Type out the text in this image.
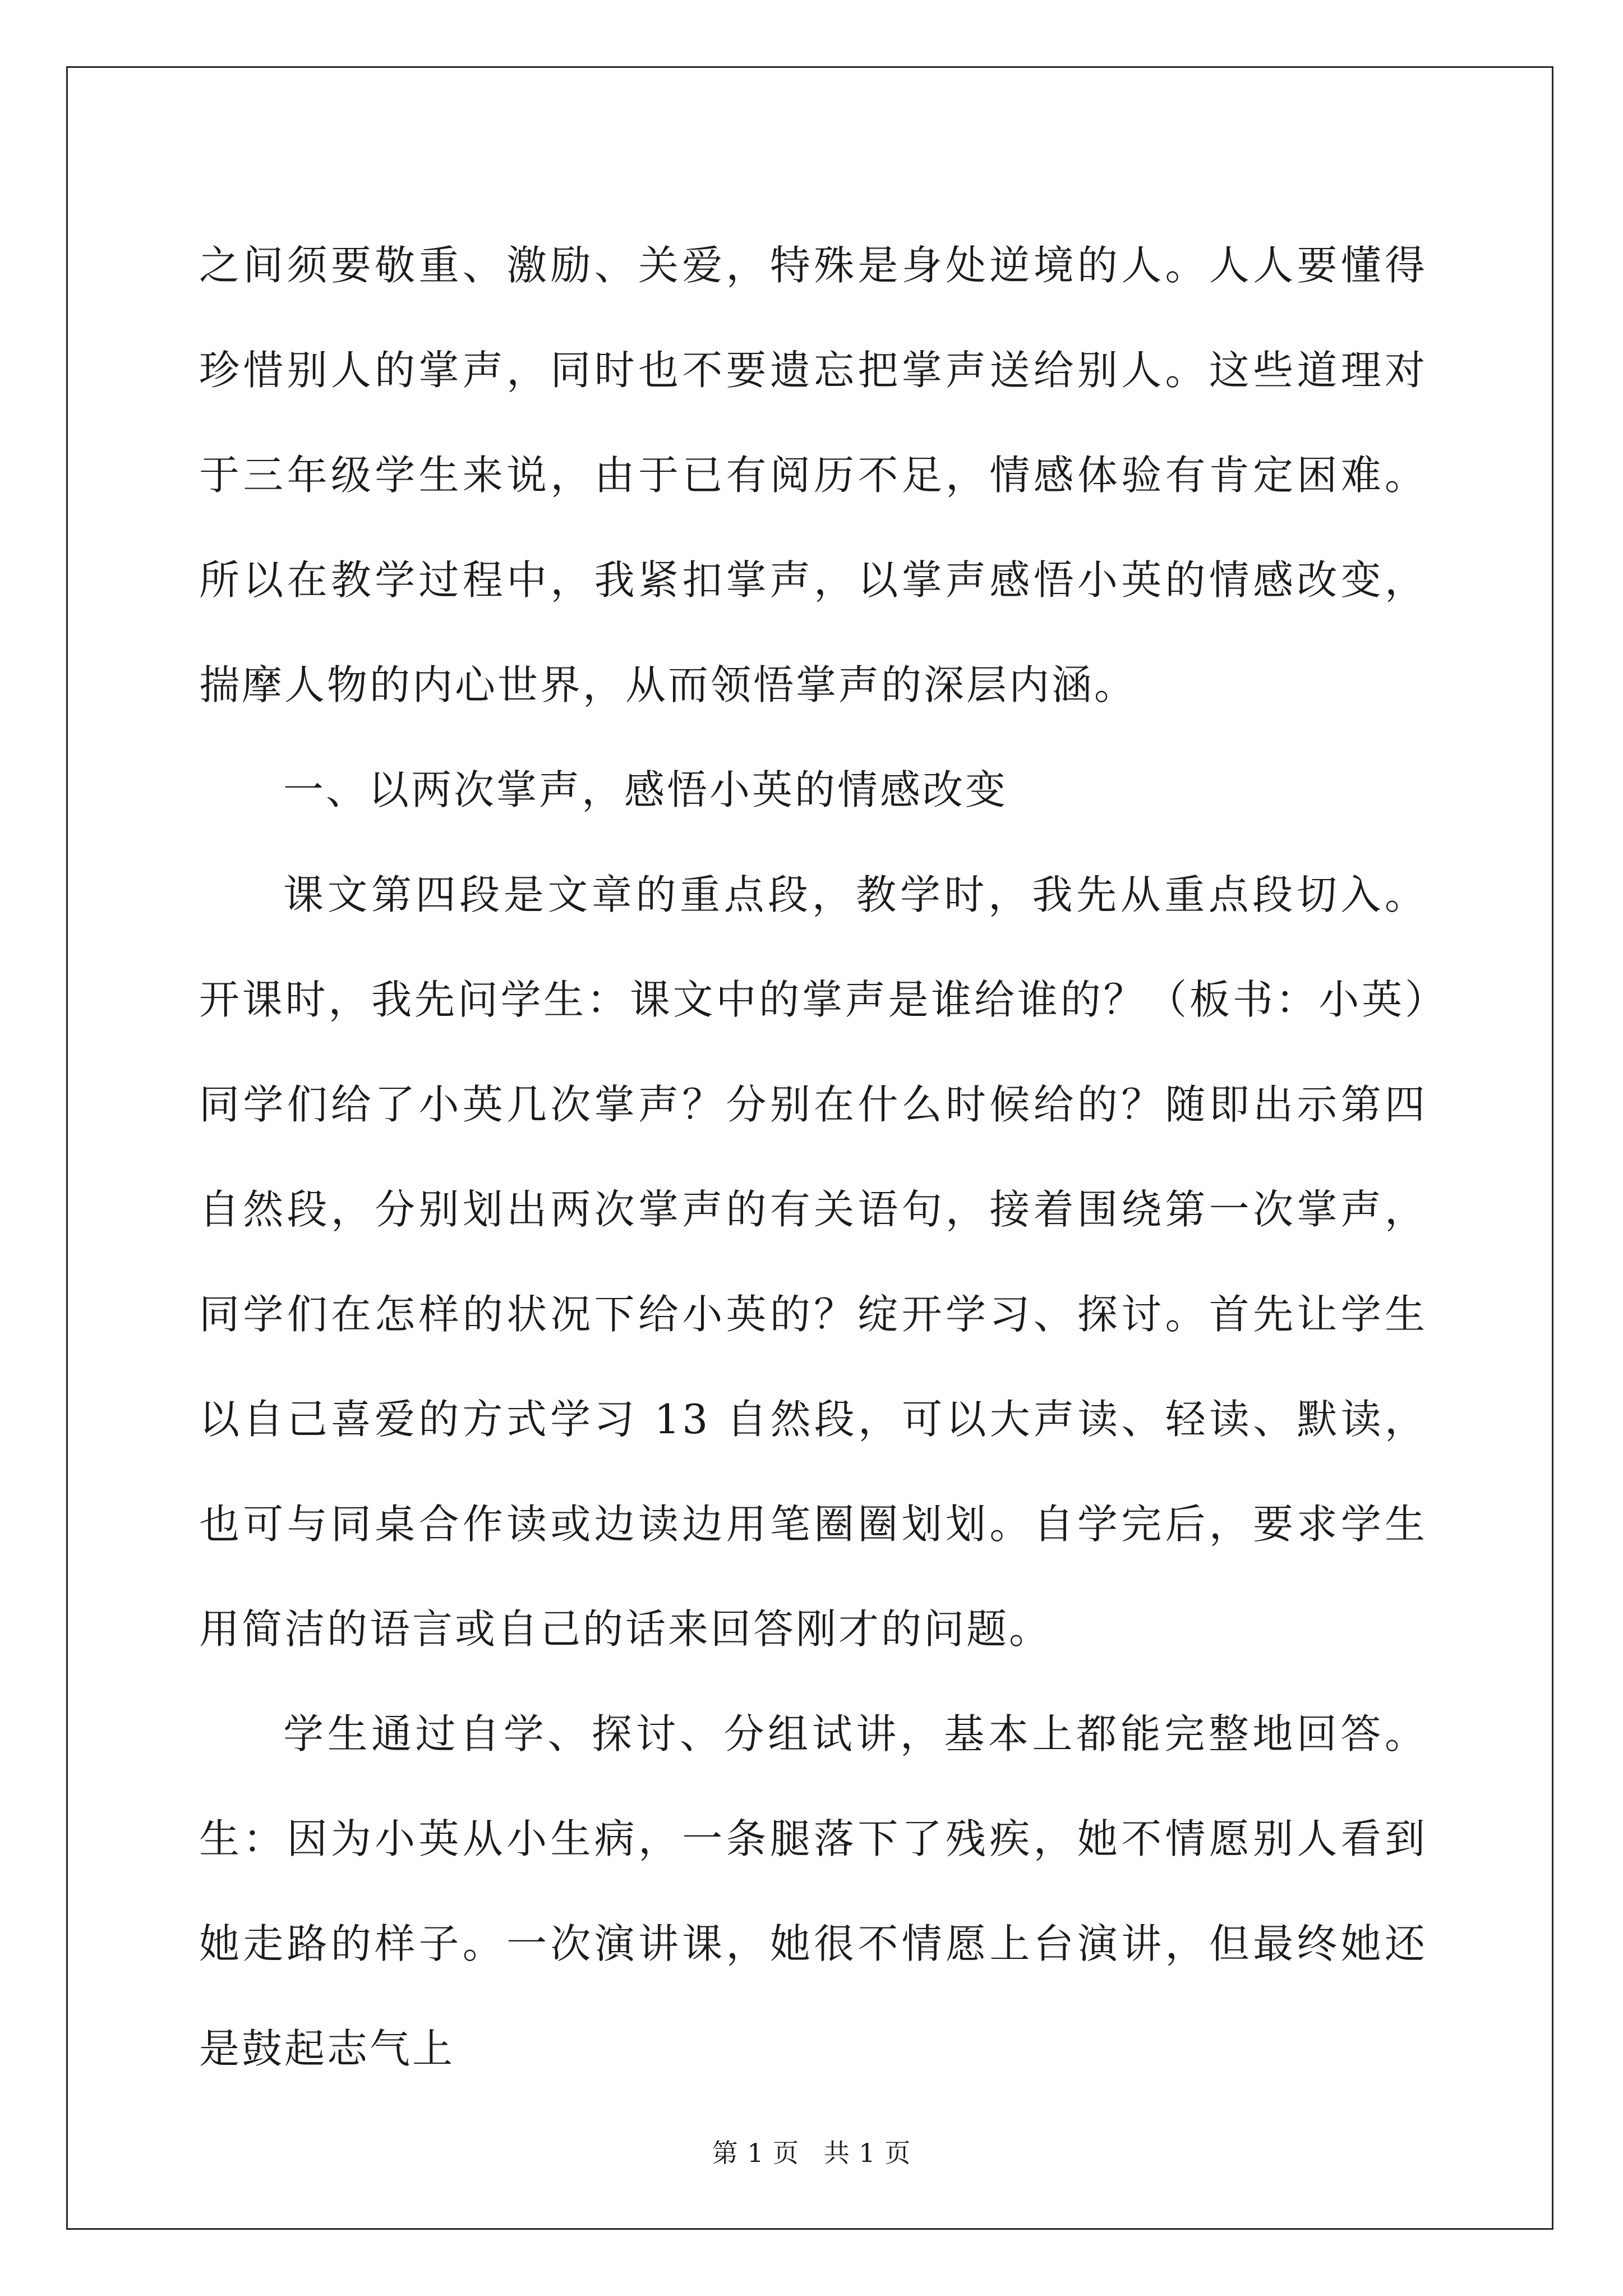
之间须要敬重、激励、关爱，特殊是身处逆境的人。人人要懂得珍惜别人的掌声，同时也不要遗忘把掌声送给别人。这些道理对于三年级学生来说，由于已有阅历不足，情感体验有肯定困难。所以在教学过程中，我紧扣掌声，以掌声感悟小英的情感改变，揣摩人物的内心世界，从而领悟掌声的深层内涵。

一、以两次掌声，感悟小英的情感改变

课文第四段是文章的重点段，教学时，我先从重点段切入。开课时，我先问学生：课文中的掌声是谁给谁的？（板书：小英）同学们给了小英几次掌声？分别在什么时候给的？随即出示第四自然段，分别划出两次掌声的有关语句，接着围绕第一次掌声，同学们在怎样的状况下给小英的？绽开学习、探讨。首先让学生以自己喜爱的方式学习 13 自然段，可以大声读、轻读、默读，也可与同桌合作读或边读边用笔圈圈划划。自学完后，要求学生用简洁的语言或自己的话来回答刚才的问题。

学生通过自学、探讨、分组试讲，基本上都能完整地回答。生：因为小英从小生病，一条腿落下了残疾，她不情愿别人看到她走路的样子。一次演讲课，她很不情愿上台演讲，但最终她还是鼓起志气上

第 1 页 共 1 页
